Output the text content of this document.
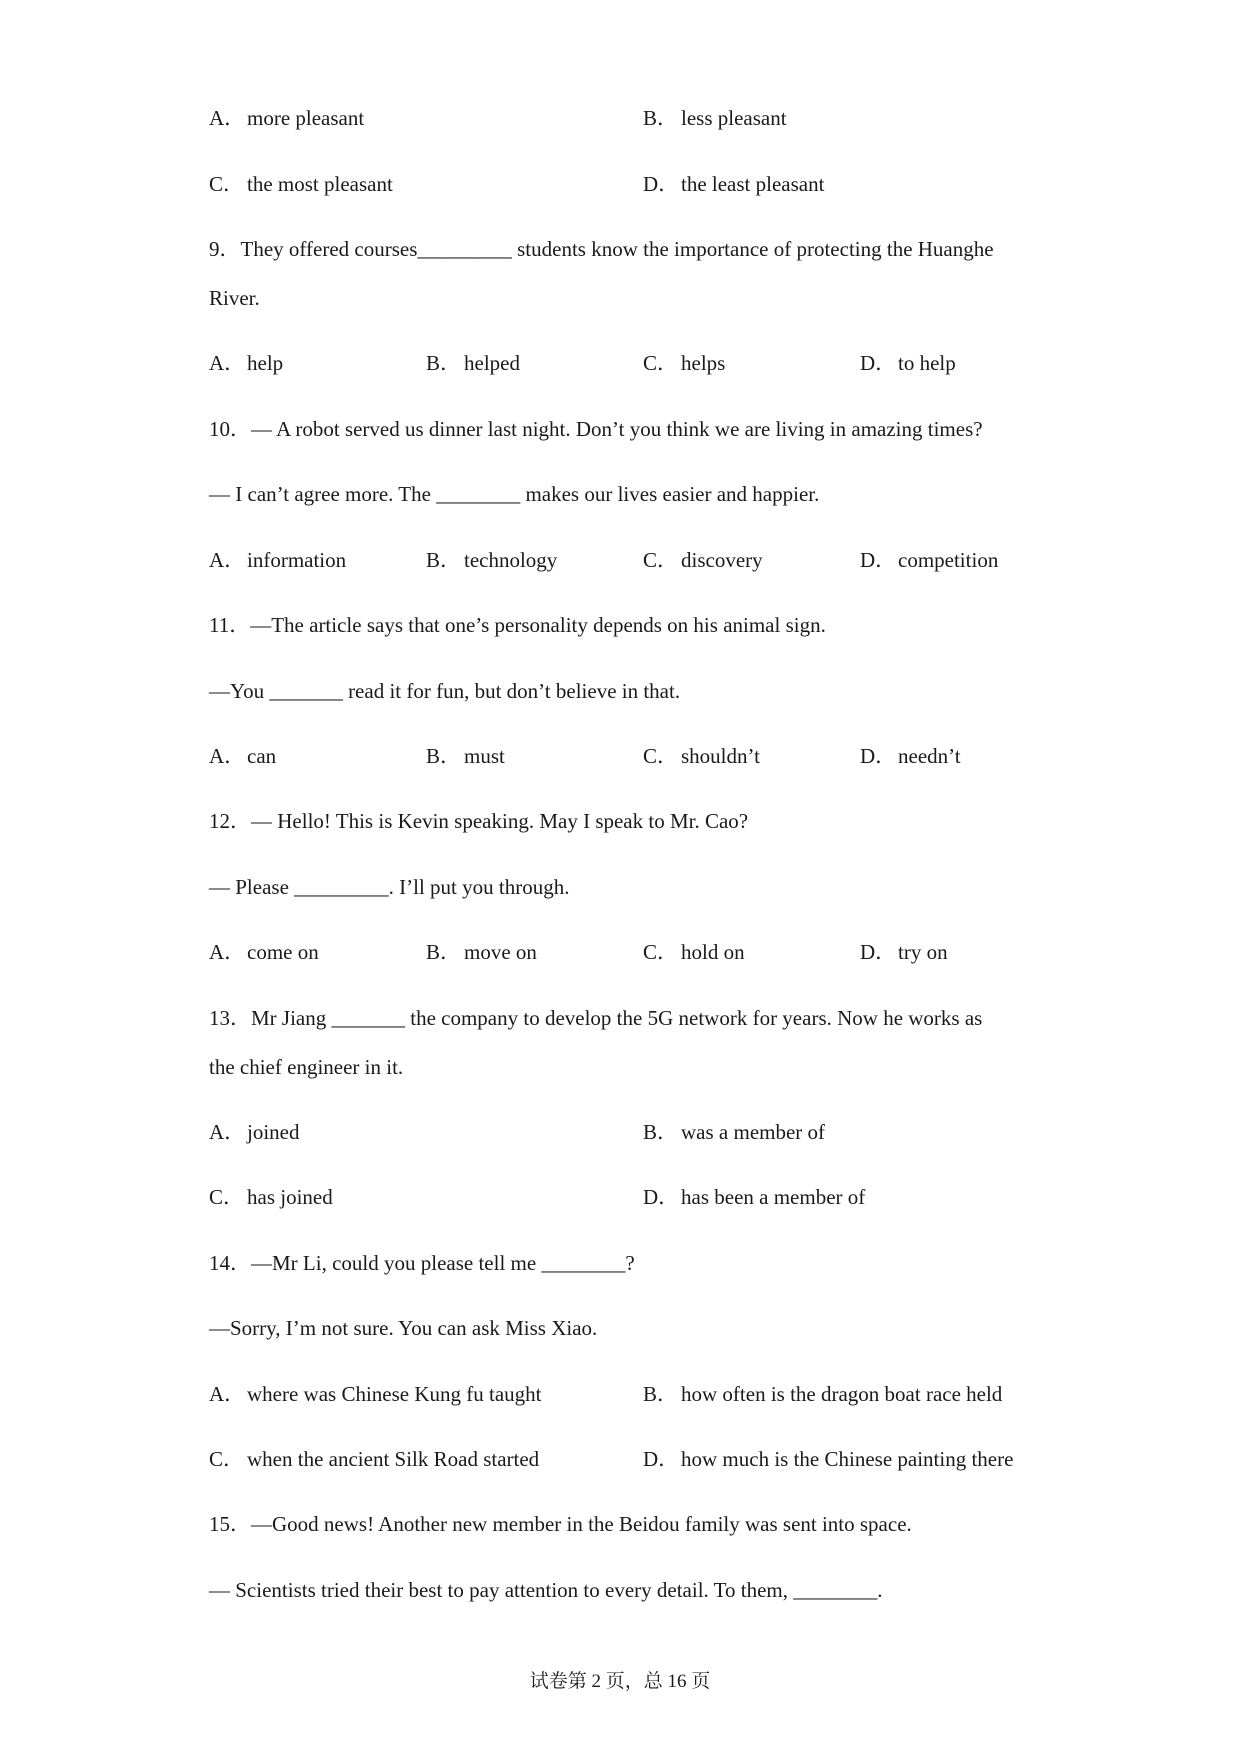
A．more pleasant	B． less pleasant
C． the most pleasant	D．the least pleasant
9．They offered courses_________ students know the importance of protecting the Huanghe
River.
A．help	B． helped	C． helps	D．to help
10．— A robot served us dinner last night. Don’t you think we are living in amazing times?
— I can’t agree more. The ________ makes our lives easier and happier.
A．information	B． technology	C． discovery	D．competition
11．—The article says that one’s personality depends on his animal sign.
—You _______ read it for fun, but don’t believe in that.
A．can	B． must	C． shouldn’t	D．needn’t
12．— Hello! This is Kevin speaking. May I speak to Mr. Cao?
— Please _________. I’ll put you through.
A．come on	B． move on	C． hold on	D．try on
13．Mr Jiang _______ the company to develop the 5G network for years. Now he works as
the chief engineer in it.
A．joined	B． was a member of
C． has joined	D．has been a member of
14．—Mr Li, could you please tell me ________?
—Sorry, I’m not sure. You can ask Miss Xiao.
A．where was Chinese Kung fu taught	B． how often is the dragon boat race held
C． when the ancient Silk Road started	D．how much is the Chinese painting there
15．—Good news! Another new member in the Beidou family was sent into space.
— Scientists tried their best to pay attention to every detail. To them, ________.
试卷第 2 页，总 16 页
